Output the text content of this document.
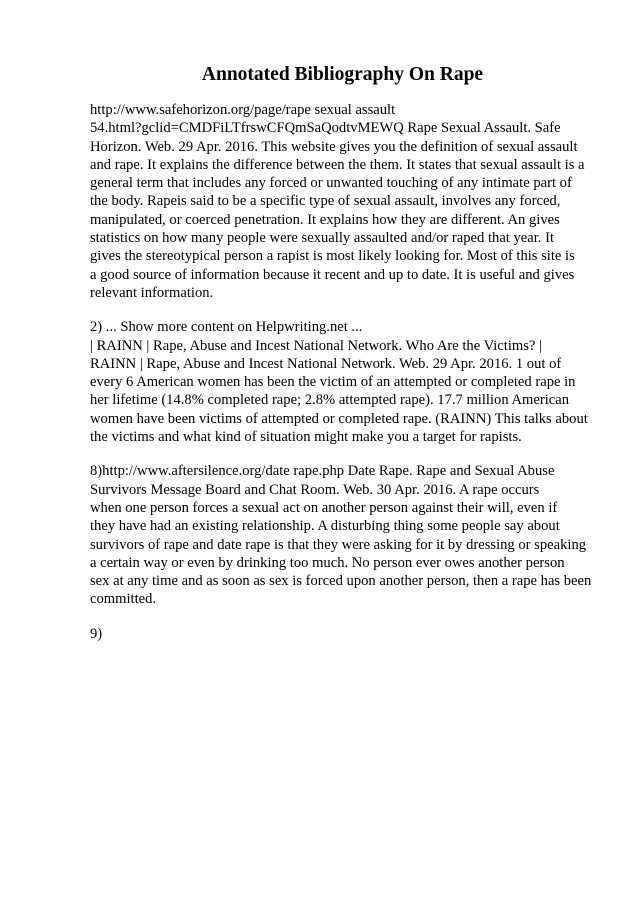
Annotated Bibliography On Rape
http://www.safehorizon.org/page/rape sexual assault
54.html?gclid=CMDFiLTfrswCFQmSaQodtvMEWQ Rape Sexual Assault. Safe
Horizon. Web. 29 Apr. 2016. This website gives you the definition of sexual assault
and rape. It explains the difference between the them. It states that sexual assault is a
general term that includes any forced or unwanted touching of any intimate part of
the body. Rapeis said to be a specific type of sexual assault, involves any forced,
manipulated, or coerced penetration. It explains how they are different. An gives
statistics on how many people were sexually assaulted and/or raped that year. It
gives the stereotypical person a rapist is most likely looking for. Most of this site is
a good source of information because it recent and up to date. It is useful and gives
relevant information.
2) ... Show more content on Helpwriting.net ...
| RAINN | Rape, Abuse and Incest National Network. Who Are the Victims? |
RAINN | Rape, Abuse and Incest National Network. Web. 29 Apr. 2016. 1 out of
every 6 American women has been the victim of an attempted or completed rape in
her lifetime (14.8% completed rape; 2.8% attempted rape). 17.7 million American
women have been victims of attempted or completed rape. (RAINN) This talks about
the victims and what kind of situation might make you a target for rapists.
8)http://www.aftersilence.org/date rape.php Date Rape. Rape and Sexual Abuse
Survivors Message Board and Chat Room. Web. 30 Apr. 2016. A rape occurs
when one person forces a sexual act on another person against their will, even if
they have had an existing relationship. A disturbing thing some people say about
survivors of rape and date rape is that they were asking for it by dressing or speaking
a certain way or even by drinking too much. No person ever owes another person
sex at any time and as soon as sex is forced upon another person, then a rape has been
committed.
9)
